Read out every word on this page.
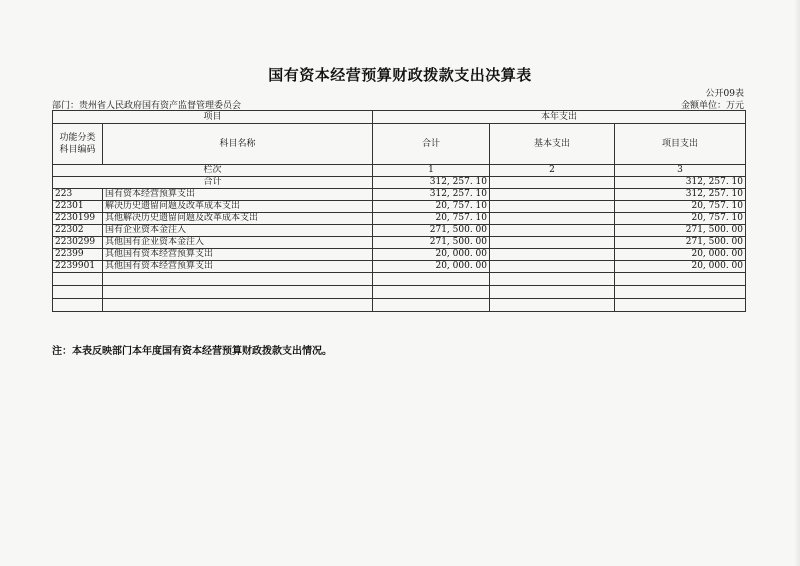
国有资本经营预算财政拨款支出决算表
公开09表
部门：贵州省人民政府国有资产监督管理委员会	金额单位：万元
项目		本年支出		

功能分类
科目编码	科目名称	合计	基本支出	项目支出
栏次		1	2	3
合计		312, 257. 10		312, 257. 10
223	国有资本经营预算支出	312, 257. 10		312, 257. 10
22301	解决历史遗留问题及改革成本支出	20, 757. 10		20, 757. 10
2230199	其他解决历史遗留问题及改革成本支出	20, 757. 10		20, 757. 10
22302	国有企业资本金注入	271, 500. 00		271, 500. 00
2230299	其他国有企业资本金注入	271, 500. 00		271, 500. 00
22399	其他国有资本经营预算支出	20, 000. 00		20, 000. 00
2239901	其他国有资本经营预算支出	20, 000. 00		20, 000. 00

注：本表反映部门本年度国有资本经营预算财政拨款支出情况。
